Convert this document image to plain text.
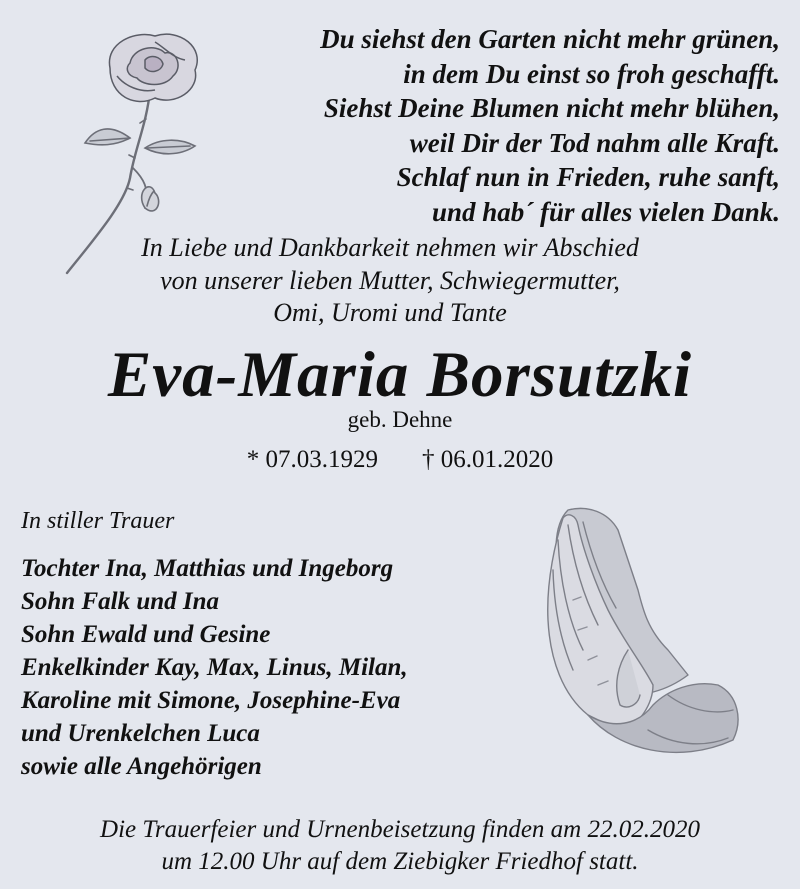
Du siehst den Garten nicht mehr grünen,
in dem Du einst so froh geschafft.
Siehst Deine Blumen nicht mehr blühen,
weil Dir der Tod nahm alle Kraft.
Schlaf nun in Frieden, ruhe sanft,
und hab´ für alles vielen Dank.
In Liebe und Dankbarkeit nehmen wir Abschied
von unserer lieben Mutter, Schwiegermutter,
Omi, Uromi und Tante
Eva-Maria Borsutzki
geb. Dehne
* 07.03.1929 † 06.01.2020
In stiller Trauer
Tochter Ina, Matthias und Ingeborg
Sohn Falk und Ina
Sohn Ewald und Gesine
Enkelkinder Kay, Max, Linus, Milan,
Karoline mit Simone, Josephine-Eva
und Urenkelchen Luca
sowie alle Angehörigen
Die Trauerfeier und Urnenbeisetzung finden am 22.02.2020
um 12.00 Uhr auf dem Ziebigker Friedhof statt.
